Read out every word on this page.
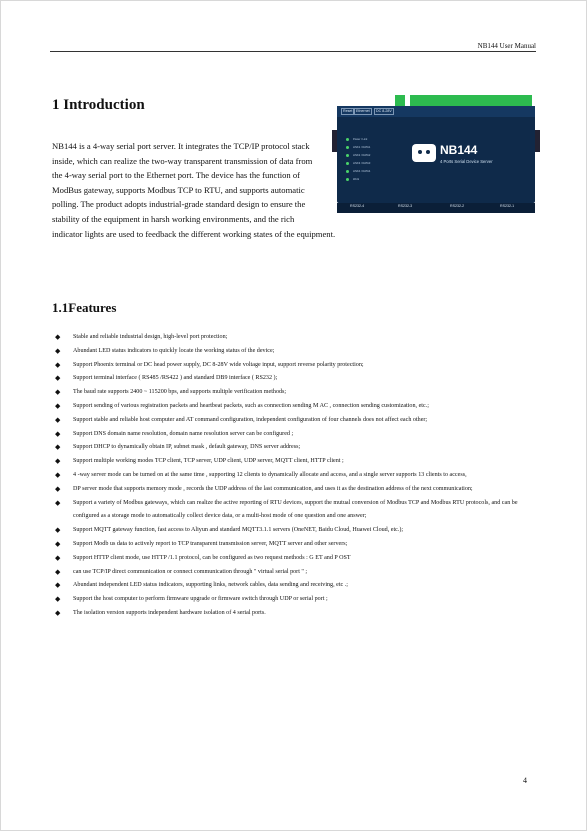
NB144 User Manual
1 Introduction

NB144 is a 4-way serial port server. It integrates the TCP/IP protocol stack inside, which can realize the two-way transparent transmission of data from the 4-way serial port to the Ethernet port. The device has the function of ModBus gateway, supports Modbus TCP to RTU, and supports automatic polling. The product adopts industrial-grade standard design to ensure the stability of the equipment in harsh working environments, and the rich indicator lights are used to feedback the different working states of the equipment.

Reset	Ethernet	DC 8-28V
Power / Link
LINK1 / DATA1
LINK2 / DATA2
LINK3 / DATA3
LINK4 / DATA4
Work
NB144
4 Ports Serial Device Server
RS232-4	RS232-3	RS232-2	RS232-1
1.1Features
◆ Stable and reliable industrial design, high-level port protection;
◆ Abundant LED status indicators to quickly locate the working status of the device;
◆ Support Phoenix terminal or DC head power supply, DC 8-28V wide voltage input, support reverse polarity protection;
◆ Support terminal interface ( RS485 /RS422 ) and standard DB9 interface ( RS232 );
◆ The baud rate supports 2400 ~ 115200 bps, and supports multiple verification methods;
◆ Support sending of various registration packets and heartbeat packets, such as connection sending M AC , connection sending customization, etc.;
◆ Support stable and reliable host computer and AT command configuration, independent configuration of four channels does not affect each other;
◆ Support DNS domain name resolution, domain name resolution server can be configured ;
◆ Support DHCP to dynamically obtain IP, subnet mask , default gateway, DNS server address;
◆ Support multiple working modes TCP client, TCP server, UDP client, UDP server, MQTT client, HTTP client ;
◆ 4 -way server mode can be turned on at the same time , supporting 12 clients to dynamically allocate and access, and a single server supports 13 clients to access,
◆ DP server mode that supports memory mode , records the UDP address of the last communication, and uses it as the destination address of the next communication;
◆ Support a variety of Modbus gateways, which can realize the active reporting of RTU devices, support the mutual conversion of Modbus TCP and Modbus RTU protocols, and can be configured as a storage mode to automatically collect device data, or a multi-host mode of one question and one answer;
◆ Support MQTT gateway function, fast access to Aliyun and standard MQTT3.1.1 servers (OneNET, Baidu Cloud, Huawei Cloud, etc.);
◆ Support Modb us data to actively report to TCP transparent transmission server, MQTT server and other servers;
◆ Support HTTP client mode, use HTTP /1.1 protocol, can be configured as two request methods : G ET and P OST
◆ can use TCP/IP direct communication or connect communication through " virtual serial port " ;
◆ Abundant independent LED status indicators, supporting links, network cables, data sending and receiving, etc .;
◆ Support the host computer to perform firmware upgrade or firmware switch through UDP or serial port ;
◆ The isolation version supports independent hardware isolation of 4 serial ports.
4
